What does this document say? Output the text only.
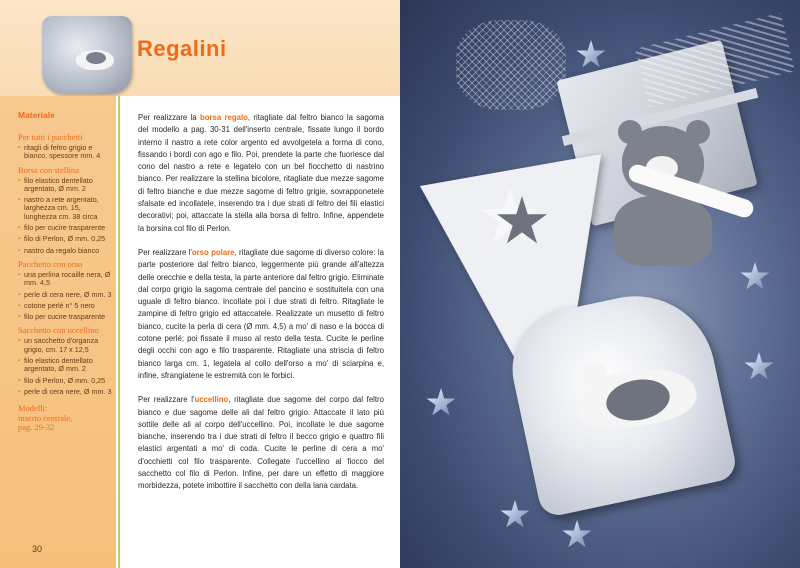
Regalini
Materiale
Per tutti i pacchetti
▪ ritagli di feltro grigio e bianco, spessore mm. 4
Borsa con stellina
▪ filo elastico dentellato argentato, Ø mm. 2
▪ nastro a rete argentato, larghezza cm. 15, lunghezza cm. 38 circa
▪ filo per cucire trasparente
▪ filo di Perlon, Ø mm. 0,25
▪ nastro da regalo bianco
Pacchetto con orso
▪ una perlina rocaille nera, Ø mm. 4,5
▪ perle di cera nere, Ø mm. 3
▪ cotone perlé n° 5 nero
▪ filo per cucire trasparente
Sacchetto con uccellino
▪ un sacchetto d'organza grigio, cm. 17 x 12,5
▪ filo elastico dentellato argentato, Ø mm. 2
▪ filo di Perlon, Ø mm. 0,25
▪ perle di cera nere, Ø mm. 3
Modelli:
inserto centrale,
pag. 29-32
30

Per realizzare la borsa regalo, ritagliate dal feltro bianco la sagoma del modello a pag. 30-31 dell'inserto centrale, fissate lungo il bordo interno il nastro a rete color argento ed avvolgetela a forma di cono, fissando i bordi con ago e filo. Poi, prendete la parte che fuoriesce dal cono del nastro a rete e legatelo con un bel fiocchetto di nastrino bianco. Per realizzare la stellina bicolore, ritagliate due mezze sagome di feltro bianche e due mezze sagome di feltro grigie, sovrapponetele sfalsate ed incollatele, inserendo tra i due strati di feltro dei fili elastici decorativi; poi, attaccate la stella alla borsa di feltro. Infine, appendete la borsina col filo di Perlon.

Per realizzare l'orso polare, ritagliate due sagome di diverso colore: la parte posteriore dal feltro bianco, leggermente più grande all'altezza delle orecchie e della testa, la parte anteriore dal feltro grigio. Eliminate dal corpo grigio la sagoma centrale del pancino e sostituitela con una uguale di feltro bianco. Incollate poi i due strati di feltro. Ritagliate le zampine di feltro grigio ed attaccatele. Realizzate un musetto di feltro bianco, cucite la perla di cera (Ø mm. 4,5) a mo' di naso e la bocca di cotone perlé; poi fissate il muso al resto della testa. Cucite le perline degli occhi con ago e filo trasparente. Ritagliate una striscia di feltro bianco larga cm. 1, legatela al collo dell'orso a mo' di sciarpina e, infine, sfrangiatene le estremità con le forbici.

Per realizzare l'uccellino, ritagliate due sagome del corpo dal feltro bianco e due sagome delle ali dal feltro grigio. Attaccate il lato più sottile delle ali al corpo dell'uccellino. Poi, incollate le due sagome bianche, inserendo tra i due strati di feltro il becco grigio e quattro fili elastici argentati a mo' di coda. Cucite le perline di cera a mo' d'occhietti col filo trasparente. Collegate l'uccellino al fiocco del sacchetto col filo di Perlon. Infine, per dare un effetto di maggiore morbidezza, potete imbottire il sacchetto con della lana cardata.
